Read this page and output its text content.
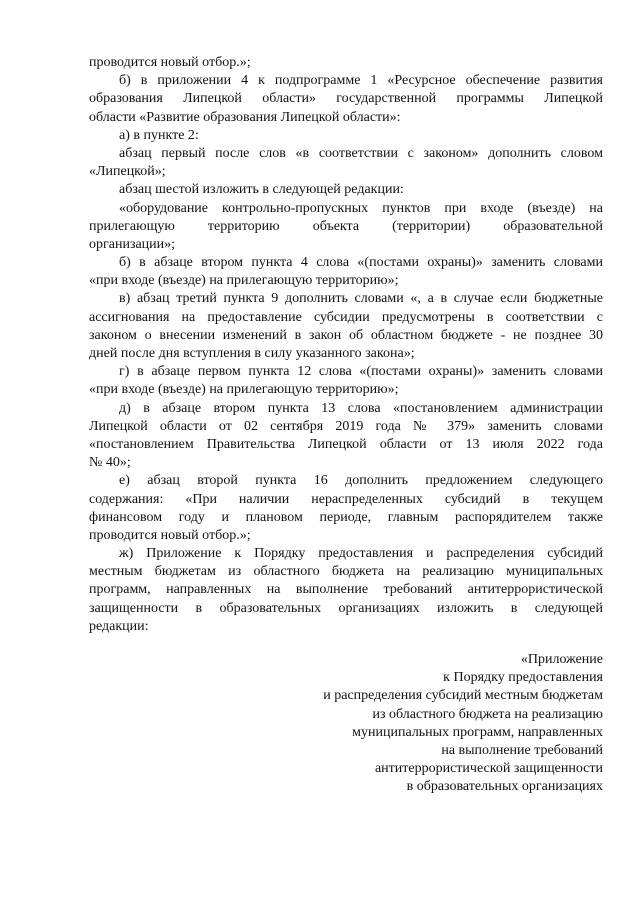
проводится новый отбор.»;
б) в приложении 4 к подпрограмме 1 «Ресурсное обеспечение развития
образования Липецкой области» государственной программы Липецкой
области «Развитие образования Липецкой области»:
а) в пункте 2:
абзац первый после слов «в соответствии с законом» дополнить словом
«Липецкой»;
абзац шестой изложить в следующей редакции:
«оборудование контрольно-пропускных пунктов при входе (въезде) на
прилегающую территорию объекта (территории) образовательной
организации»;
б) в абзаце втором пункта 4 слова «(постами охраны)» заменить словами
«при входе (въезде) на прилегающую территорию»;
в) абзац третий пункта 9 дополнить словами «, а в случае если бюджетные
ассигнования на предоставление субсидии предусмотрены в соответствии с
законом о внесении изменений в закон об областном бюджете - не позднее 30
дней после дня вступления в силу указанного закона»;
г) в абзаце первом пункта 12 слова «(постами охраны)» заменить словами
«при входе (въезде) на прилегающую территорию»;
д) в абзаце втором пункта 13 слова «постановлением администрации
Липецкой области от 02 сентября 2019 года № 379» заменить словами
«постановлением Правительства Липецкой области от 13 июля 2022 года
№ 40»;
е) абзац второй пункта 16 дополнить предложением следующего
содержания: «При наличии нераспределенных субсидий в текущем
финансовом году и плановом периоде, главным распорядителем также
проводится новый отбор.»;
ж) Приложение к Порядку предоставления и распределения субсидий
местным бюджетам из областного бюджета на реализацию муниципальных
программ, направленных на выполнение требований антитеррористической
защищенности в образовательных организациях изложить в следующей
редакции:
«Приложение
к Порядку предоставления
и распределения субсидий местным бюджетам
из областного бюджета на реализацию
муниципальных программ, направленных
на выполнение требований
антитеррористической защищенности
в образовательных организациях
